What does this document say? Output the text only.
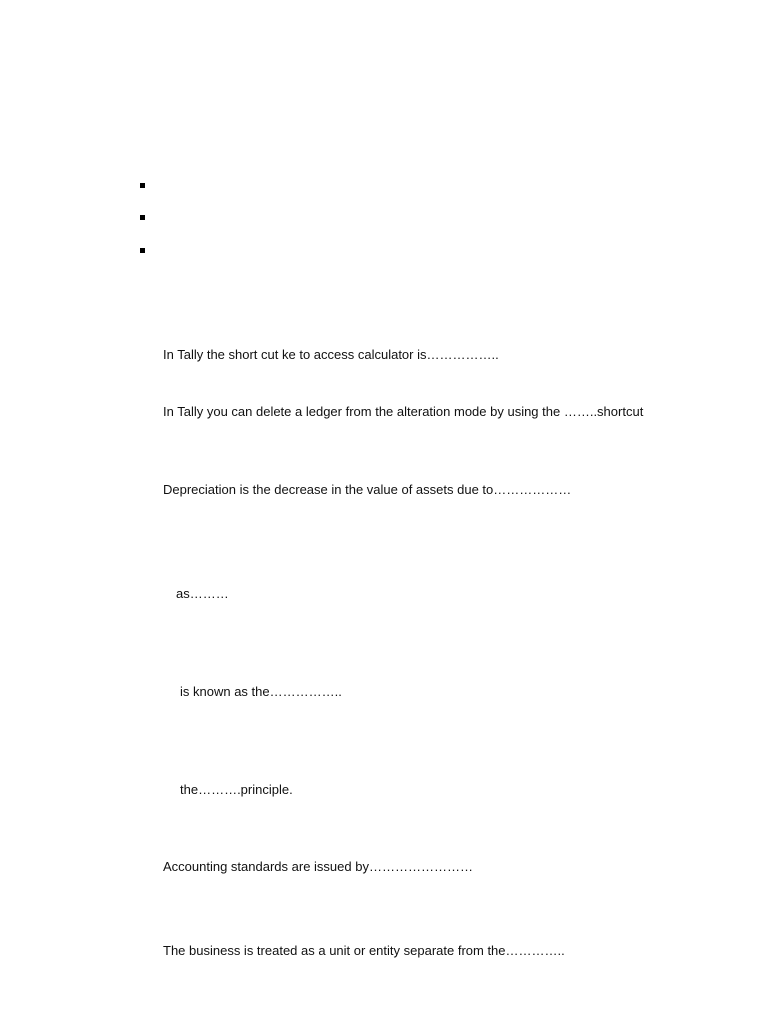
In Tally the short cut ke to access calculator is……………..
In Tally you can delete a ledger from the alteration mode by using the ……..shortcut
Depreciation is the decrease in the value of assets due to………………
as………
is known as the……………..
the……….principle.
Accounting standards are issued by……………………
The business is treated as a unit or entity separate from the…………..
